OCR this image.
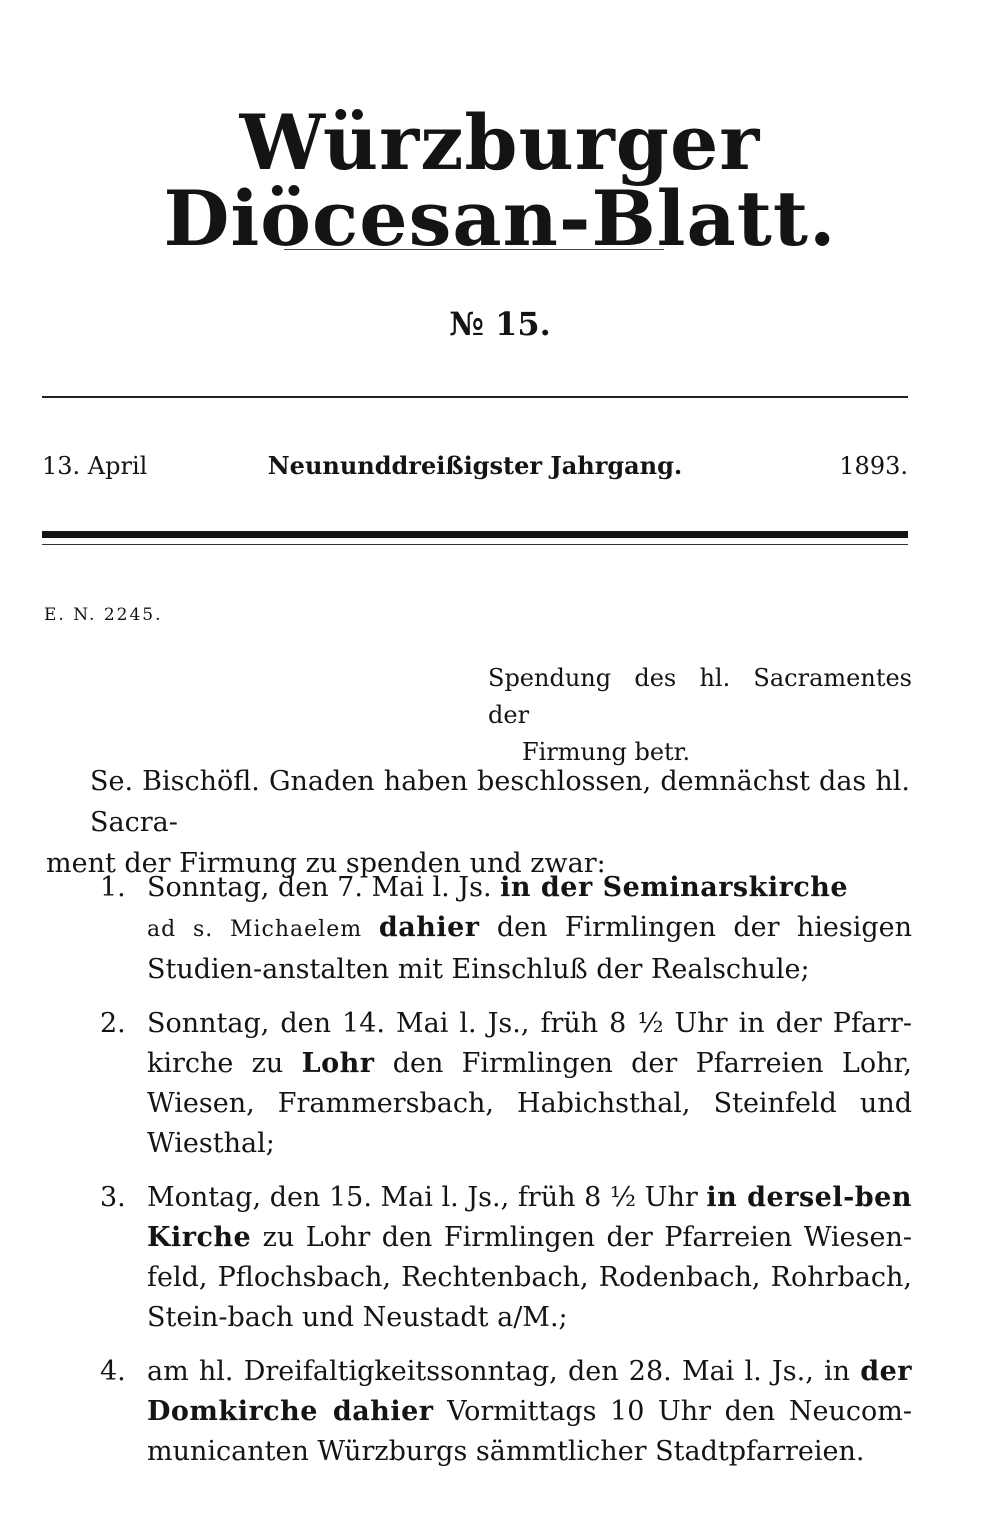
Würzburger Diöcesan-Blatt.
№ 15.
13. April	Neununddreißigster Jahrgang.	1893.
E. N. 2245.
Spendung des hl. Sacramentes der
Firmung betr.
Se. Bischöfl. Gnaden haben beschlossen, demnächst das hl. Sacra-
ment der Firmung zu spenden und zwar:
1. Sonntag, den 7. Mai l. Js. in der Seminarskirche
ad s. Michaelem dahier den Firmlingen der hiesigen Studien-anstalten mit Einschluß der Realschule;
2. Sonntag, den 14. Mai l. Js., früh 8 ½ Uhr in der Pfarr-kirche zu Lohr den Firmlingen der Pfarreien Lohr, Wiesen, Frammersbach, Habichsthal, Steinfeld und Wiesthal;
3. Montag, den 15. Mai l. Js., früh 8 ½ Uhr in dersel-ben Kirche zu Lohr den Firmlingen der Pfarreien Wiesen-feld, Pflochsbach, Rechtenbach, Rodenbach, Rohrbach, Stein-bach und Neustadt a/M.;
4. am hl. Dreifaltigkeitssonntag, den 28. Mai l. Js., in der Domkirche dahier Vormittags 10 Uhr den Neucom-municanten Würzburgs sämmtlicher Stadtpfarreien.
